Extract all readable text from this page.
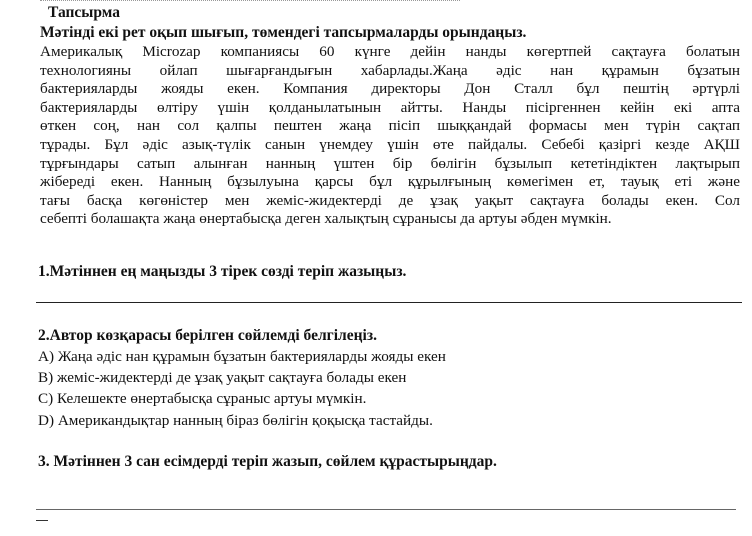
Тапсырма
Мәтінді екі рет оқып шығып, төмендегі тапсырмаларды орындаңыз.
Америкалық Microzap компаниясы 60 күнге дейін нанды көгертпей сақтауға болатын
технологияны ойлап шығарғандығын хабарлады.Жаңа әдіс нан құрамын бұзатын
бактерияларды жояды екен. Компания директоры Дон Сталл бұл пештің әртүрлі
бактерияларды өлтіру үшін қолданылатынын айтты. Нанды пісіргеннен кейін екі апта
өткен соң, нан сол қалпы пештен жаңа пісіп шыққандай формасы мен түрін сақтап
тұрады. Бұл әдіс азық-түлік санын үнемдеу үшін өте пайдалы. Себебі қазіргі кезде АҚШ
тұрғындары сатып алынған нанның үштен бір бөлігін бұзылып кететіндіктен лақтырып
жібереді екен. Нанның бұзылуына қарсы бұл құрылғының көмегімен ет, тауық еті және
тағы басқа көгөністер мен жеміс-жидектерді де ұзақ уақыт сақтауға болады екен. Сол
себепті болашақта жаңа өнертабысқа деген халықтың сұранысы да артуы әбден мүмкін.
1.Мәтіннен ең маңызды 3 тірек сөзді теріп жазыңыз.
2.Автор көзқарасы берілген сөйлемді белгілеңіз.
A) Жаңа әдіс нан құрамын бұзатын бактерияларды жояды екен
B) жеміс-жидектерді де ұзақ уақыт сақтауға болады екен
C) Келешекте өнертабысқа сұраныс артуы мүмкін.
D) Американдықтар нанның біраз бөлігін қоқысқа тастайды.
3. Мәтіннен 3 сан есімдерді теріп жазып, сөйлем құрастырыңдар.
